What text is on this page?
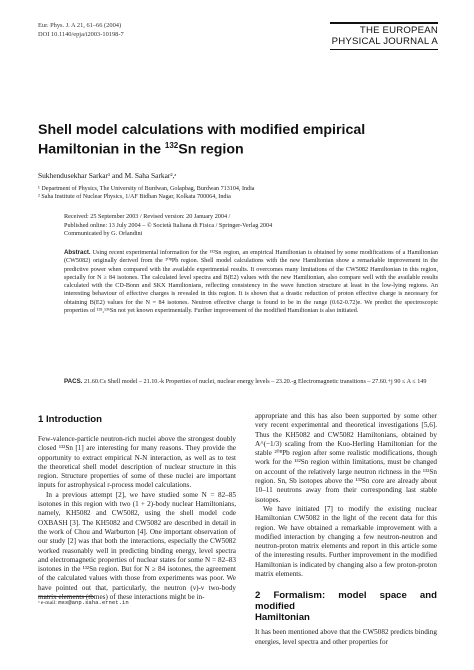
Eur. Phys. J. A 21, 61–66 (2004)
DOI 10.1140/epja/i2003-10198-7	THE EUROPEAN
PHYSICAL JOURNAL A
Shell model calculations with modified empirical Hamiltonian in the $^{132}$Sn region
Sukhendusekhar Sarkar¹ and M. Saha Sarkar²,ᵃ
¹ Department of Physics, The University of Burdwan, Golapbag, Burdwan 713104, India
² Saha Institute of Nuclear Physics, 1/AF Bidhan Nagar, Kolkata 700064, India
Received: 25 September 2003 / Revised version: 20 January 2004 /
Published online: 13 July 2004 – © Società Italiana di Fisica / Springer-Verlag 2004
Communicated by G. Orlandini
Abstract. Using recent experimental information for the ¹³²Sn region, an empirical Hamiltonian is obtained by some modifications of a Hamiltonian (CW5082) originally derived from the ²⁰⁸Pb region. Shell model calculations with the new Hamiltonian show a remarkable improvement in the predictive power when compared with the available experimental results. It overcomes many limitations of the CW5082 Hamiltonian in this region, specially for N ≥ 84 isotones. The calculated level spectra and B(E2) values with the new Hamiltonian, also compare well with the available results calculated with the CD-Bonn and SKX Hamiltonians, reflecting consistency in the wave function structure at least in the low-lying regions. An interesting behaviour of effective charges is revealed in this region. It is shown that a drastic reduction of proton effective charge is necessary for obtaining B(E2) values for the N = 84 isotones. Neutron effective charge is found to be in the range (0.62-0.72)e. We predict the spectroscopic properties of ¹³⁵,¹³⁶Sn not yet known experimentally. Further improvement of the modified Hamiltonian is also initiated.
PACS. 21.60.Cs Shell model – 21.10.-k Properties of nuclei, nuclear energy levels – 23.20.-g Electromagnetic transitions – 27.60.+j 90 ≤ A ≤ 149
1 Introduction

Few-valence-particle neutron-rich nuclei above the strongest doubly closed ¹³²Sn [1] are interesting for many reasons. They provide the opportunity to extract empirical N-N interaction, as well as to test the theoretical shell model description of nuclear structure in this region. Structure properties of some of these nuclei are important inputs for astrophysical r-process model calculations.

In a previous attempt [2], we have studied some N = 82–85 isotones in this region with two (1 + 2)-body nuclear Hamiltonians, namely, KH5082 and CW5082, using the shell model code OXBASH [3]. The KH5082 and CW5082 are described in detail in the work of Chou and Warburton [4]. One important observation of our study [2] was that both the interactions, especially the CW5082 worked reasonably well in predicting binding energy, level spectra and electromagnetic properties of nuclear states for some N = 82–83 isotones in the ¹³²Sn region. But for N ≥ 84 isotones, the agreement of the calculated values with those from experiments was poor. We have pointed out that, particularly, the neutron (ν)-ν two-body matrix elements (tbmes) of these interactions might be in-

appropriate and this has also been supported by some other very recent experimental and theoretical investigations [5,6]. Thus the KH5082 and CW5082 Hamiltonians, obtained by A^(−1/3) scaling from the Kuo-Herling Hamiltonian for the stable ²⁰⁸Pb region after some realistic modifications, though work for the ¹³²Sn region within limitations, must be changed on account of the relatively large neutron richness in the ¹³²Sn region. Sn, Sb isotopes above the ¹³²Sn core are already about 10–11 neutrons away from their corresponding last stable isotopes.

We have initiated [7] to modify the existing nuclear Hamiltonian CW5082 in the light of the recent data for this region. We have obtained a remarkable improvement with a modified interaction by changing a few neutron-neutron and neutron-proton matrix elements and report in this article some of the interesting results. Further improvement in the modified Hamiltonian is indicated by changing also a few proton-proton matrix elements.

2 Formalism: model space and modified
Hamiltonian

It has been mentioned above that the CW5082 predicts binding energies, level spectra and other properties for

ᵃ e-mail: mss@anp.saha.ernet.in
